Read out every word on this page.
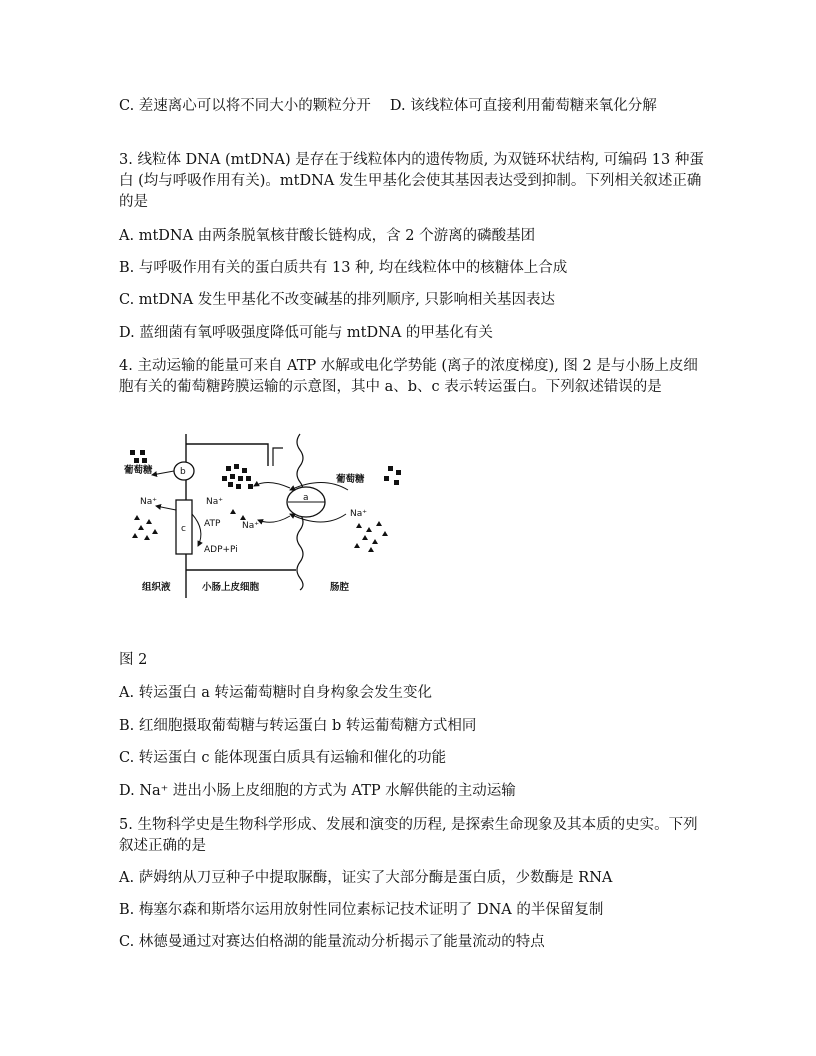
C. 差速离心可以将不同大小的颗粒分开　 D. 该线粒体可直接利用葡萄糖来氧化分解

3. 线粒体 DNA (mtDNA) 是存在于线粒体内的遗传物质, 为双链环状结构, 可编码 13 种蛋白 (均与呼吸作用有关)。mtDNA 发生甲基化会使其基因表达受到抑制。下列相关叙述正确的是

A. mtDNA 由两条脱氧核苷酸长链构成，含 2 个游离的磷酸基团

B. 与呼吸作用有关的蛋白质共有 13 种, 均在线粒体中的核糖体上合成

C. mtDNA 发生甲基化不改变碱基的排列顺序, 只影响相关基因表达

D. 蓝细菌有氧呼吸强度降低可能与 mtDNA 的甲基化有关

4. 主动运输的能量可来自 ATP 水解或电化学势能 (离子的浓度梯度), 图 2 是与小肠上皮细胞有关的葡萄糖跨膜运输的示意图，其中 a、b、c 表示转运蛋白。下列叙述错误的是

a
b
c
葡萄糖
葡萄糖
Na⁺	Na⁺
Na⁺
Na⁺
ATP
ADP+Pi
组织液	小肠上皮细胞	肠腔

图 2

A. 转运蛋白 a 转运葡萄糖时自身构象会发生变化

B. 红细胞摄取葡萄糖与转运蛋白 b 转运葡萄糖方式相同

C. 转运蛋白 c 能体现蛋白质具有运输和催化的功能

D. Na⁺ 进出小肠上皮细胞的方式为 ATP 水解供能的主动运输

5. 生物科学史是生物科学形成、发展和演变的历程, 是探索生命现象及其本质的史实。下列叙述正确的是

A. 萨姆纳从刀豆种子中提取脲酶，证实了大部分酶是蛋白质，少数酶是 RNA

B. 梅塞尔森和斯塔尔运用放射性同位素标记技术证明了 DNA 的半保留复制

C. 林德曼通过对赛达伯格湖的能量流动分析揭示了能量流动的特点
